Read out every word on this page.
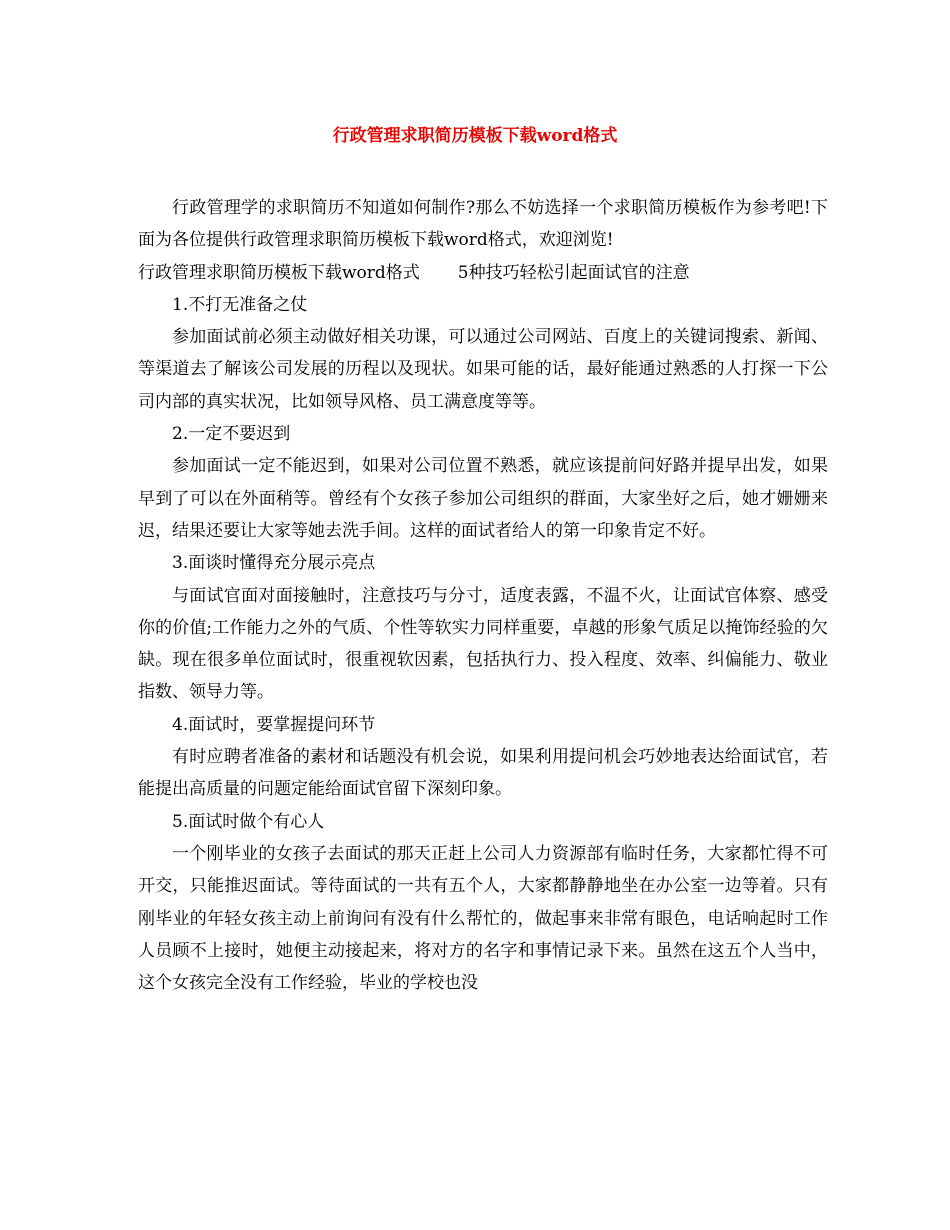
行政管理求职简历模板下载word格式

行政管理学的求职简历不知道如何制作?那么不妨选择一个求职简历模板作为参考吧!下面为各位提供行政管理求职简历模板下载word格式，欢迎浏览!

行政管理求职简历模板下载word格式 5种技巧轻松引起面试官的注意

1.不打无准备之仗

参加面试前必须主动做好相关功课，可以通过公司网站、百度上的关键词搜索、新闻、等渠道去了解该公司发展的历程以及现状。如果可能的话，最好能通过熟悉的人打探一下公司内部的真实状况，比如领导风格、员工满意度等等。

2.一定不要迟到

参加面试一定不能迟到，如果对公司位置不熟悉，就应该提前问好路并提早出发，如果早到了可以在外面稍等。曾经有个女孩子参加公司组织的群面，大家坐好之后，她才姗姗来迟，结果还要让大家等她去洗手间。这样的面试者给人的第一印象肯定不好。

3.面谈时懂得充分展示亮点

与面试官面对面接触时，注意技巧与分寸，适度表露，不温不火，让面试官体察、感受你的价值;工作能力之外的气质、个性等软实力同样重要，卓越的形象气质足以掩饰经验的欠缺。现在很多单位面试时，很重视软因素，包括执行力、投入程度、效率、纠偏能力、敬业指数、领导力等。

4.面试时，要掌握提问环节

有时应聘者准备的素材和话题没有机会说，如果利用提问机会巧妙地表达给面试官，若能提出高质量的问题定能给面试官留下深刻印象。

5.面试时做个有心人

一个刚毕业的女孩子去面试的那天正赶上公司人力资源部有临时任务，大家都忙得不可开交，只能推迟面试。等待面试的一共有五个人，大家都静静地坐在办公室一边等着。只有刚毕业的年轻女孩主动上前询问有没有什么帮忙的，做起事来非常有眼色，电话响起时工作人员顾不上接时，她便主动接起来，将对方的名字和事情记录下来。虽然在这五个人当中，这个女孩完全没有工作经验，毕业的学校也没
